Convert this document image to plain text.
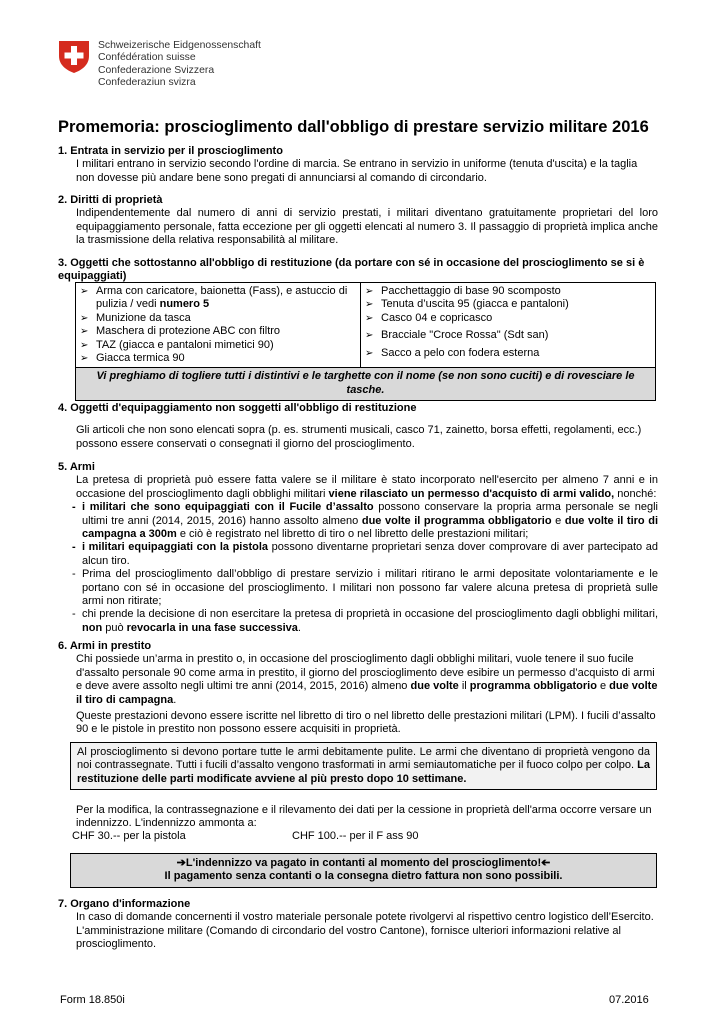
Schweizerische Eidgenossenschaft
Confédération suisse
Confederazione Svizzera
Confederaziun svizra
Promemoria: proscioglimento dall'obbligo di prestare servizio militare 2016
1. Entrata in servizio per il proscioglimento
I militari entrano in servizio secondo l'ordine di marcia. Se entrano in servizio in uniforme (tenuta d'uscita) e la taglia non dovesse più andare bene sono pregati di annunciarsi al comando di circondario.
2. Diritti di proprietà
Indipendentemente dal numero di anni di servizio prestati, i militari diventano gratuitamente proprietari del loro equipaggiamento personale, fatta eccezione per gli oggetti elencati al numero 3. Il passaggio di proprietà implica anche la trasmissione della relativa responsabilità al militare.
3. Oggetti che sottostanno all'obbligo di restituzione (da portare con sé in occasione del proscioglimento se si è equipaggiati)
➢ Arma con caricatore, baionetta (Fass), e astuccio di pulizia / vedi numero 5
➢ Munizione da tasca
➢ Maschera di protezione ABC con filtro
➢ TAZ (giacca e pantaloni mimetici 90)
➢ Giacca termica 90
➢ Pacchettaggio di base 90 scomposto
➢ Tenuta d’uscita 95 (giacca e pantaloni)
➢ Casco 04 e copricasco
➢ Bracciale "Croce Rossa" (Sdt san)
➢ Sacco a pelo con fodera esterna
Vi preghiamo di togliere tutti i distintivi e le targhette con il nome (se non sono cuciti) e di rovesciare le tasche.
4. Oggetti d'equipaggiamento non soggetti all'obbligo di restituzione
Gli articoli che non sono elencati sopra (p. es. strumenti musicali, casco 71, zainetto, borsa effetti, regolamenti, ecc.) possono essere conservati o consegnati il giorno del proscioglimento.
5. Armi
La pretesa di proprietà può essere fatta valere se il militare è stato incorporato nell'esercito per almeno 7 anni e in occasione del proscioglimento dagli obblighi militari viene rilasciato un permesso d'acquisto di armi valido, nonché:
- i militari che sono equipaggiati con il Fucile d’assalto possono conservare la propria arma personale se negli ultimi tre anni (2014, 2015, 2016) hanno assolto almeno due volte il programma obbligatorio e due volte il tiro di campagna a 300m e ciò è registrato nel libretto di tiro o nel libretto delle prestazioni militari;
- i militari equipaggiati con la pistola possono diventarne proprietari senza dover comprovare di aver partecipato ad alcun tiro.
- Prima del proscioglimento dall’obbligo di prestare servizio i militari ritirano le armi depositate volontariamente e le portano con sé in occasione del proscioglimento. I militari non possono far valere alcuna pretesa di proprietà sulle armi non ritirate;
- chi prende la decisione di non esercitare la pretesa di proprietà in occasione del proscioglimento dagli obblighi militari, non può revocarla in una fase successiva.
6. Armi in prestito
Chi possiede un’arma in prestito o, in occasione del proscioglimento dagli obblighi militari, vuole tenere il suo fucile d'assalto personale 90 come arma in prestito, il giorno del proscioglimento deve esibire un permesso d’acquisto di armi e deve avere assolto negli ultimi tre anni (2014, 2015, 2016) almeno due volte il programma obbligatorio e due volte il tiro di campagna.
Queste prestazioni devono essere iscritte nel libretto di tiro o nel libretto delle prestazioni militari (LPM). I fucili d’assalto 90 e le pistole in prestito non possono essere acquisiti in proprietà.
Al proscioglimento si devono portare tutte le armi debitamente pulite. Le armi che diventano di proprietà vengono da noi contrassegnate. Tutti i fucili d’assalto vengono trasformati in armi semiautomatiche per il fuoco colpo per colpo. La restituzione delle parti modificate avviene al più presto dopo 10 settimane.
Per la modifica, la contrassegnazione e il rilevamento dei dati per la cessione in proprietà dell'arma occorre versare un indennizzo. L'indennizzo ammonta a:
CHF 30.-- per la pistola	CHF 100.-- per il F ass 90
➔L'indennizzo va pagato in contanti al momento del proscioglimento!➔
Il pagamento senza contanti o la consegna dietro fattura non sono possibili.
7. Organo d'informazione
In caso di domande concernenti il vostro materiale personale potete rivolgervi al rispettivo centro logistico dell’Esercito. L'amministrazione militare (Comando di circondario del vostro Cantone), fornisce ulteriori informazioni relative al proscioglimento.
Form 18.850i	07.2016
